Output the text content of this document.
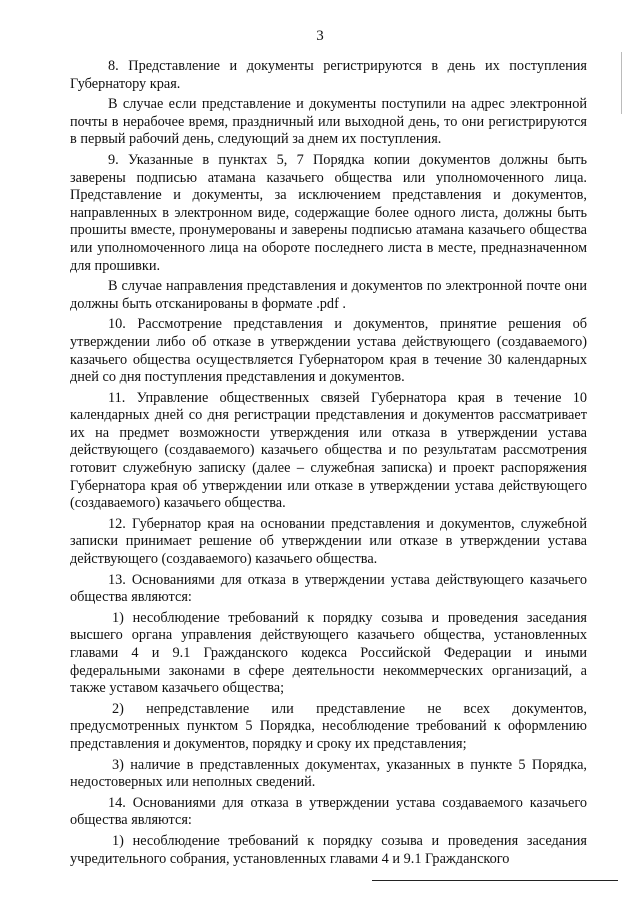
3

8. Представление и документы регистрируются в день их поступления Губернатору края.

В случае если представление и документы поступили на адрес электронной почты в нерабочее время, праздничный или выходной день, то они регистрируются в первый рабочий день, следующий за днем их поступления.

9. Указанные в пунктах 5, 7 Порядка копии документов должны быть заверены подписью атамана казачьего общества или уполномоченного лица. Представление и документы, за исключением представления и документов, направленных в электронном виде, содержащие более одного листа, должны быть прошиты вместе, пронумерованы и заверены подписью атамана казачьего общества или уполномоченного лица на обороте последнего листа в месте, предназначенном для прошивки.

В случае направления представления и документов по электронной почте они должны быть отсканированы в формате .pdf .

10. Рассмотрение представления и документов, принятие решения об утверждении либо об отказе в утверждении устава действующего (создаваемого) казачьего общества осуществляется Губернатором края в течение 30 календарных дней со дня поступления представления и документов.

11. Управление общественных связей Губернатора края в течение 10 календарных дней со дня регистрации представления и документов рассматривает их на предмет возможности утверждения или отказа в утверждении устава действующего (создаваемого) казачьего общества и по результатам рассмотрения готовит служебную записку (далее – служебная записка) и проект распоряжения Губернатора края об утверждении или отказе в утверждении устава действующего (создаваемого) казачьего общества.

12. Губернатор края на основании представления и документов, служебной записки принимает решение об утверждении или отказе в утверждении устава действующего (создаваемого) казачьего общества.

13. Основаниями для отказа в утверждении устава действующего казачьего общества являются:

1) несоблюдение требований к порядку созыва и проведения заседания высшего органа управления действующего казачьего общества, установленных главами 4 и 9.1 Гражданского кодекса Российской Федерации и иными федеральными законами в сфере деятельности некоммерческих организаций, а также уставом казачьего общества;

2) непредставление или представление не всех документов, предусмотренных пунктом 5 Порядка, несоблюдение требований к оформлению представления и документов, порядку и сроку их представления;

3) наличие в представленных документах, указанных в пункте 5 Порядка, недостоверных или неполных сведений.

14. Основаниями для отказа в утверждении устава создаваемого казачьего общества являются:

1) несоблюдение требований к порядку созыва и проведения заседания учредительного собрания, установленных главами 4 и 9.1 Гражданского
